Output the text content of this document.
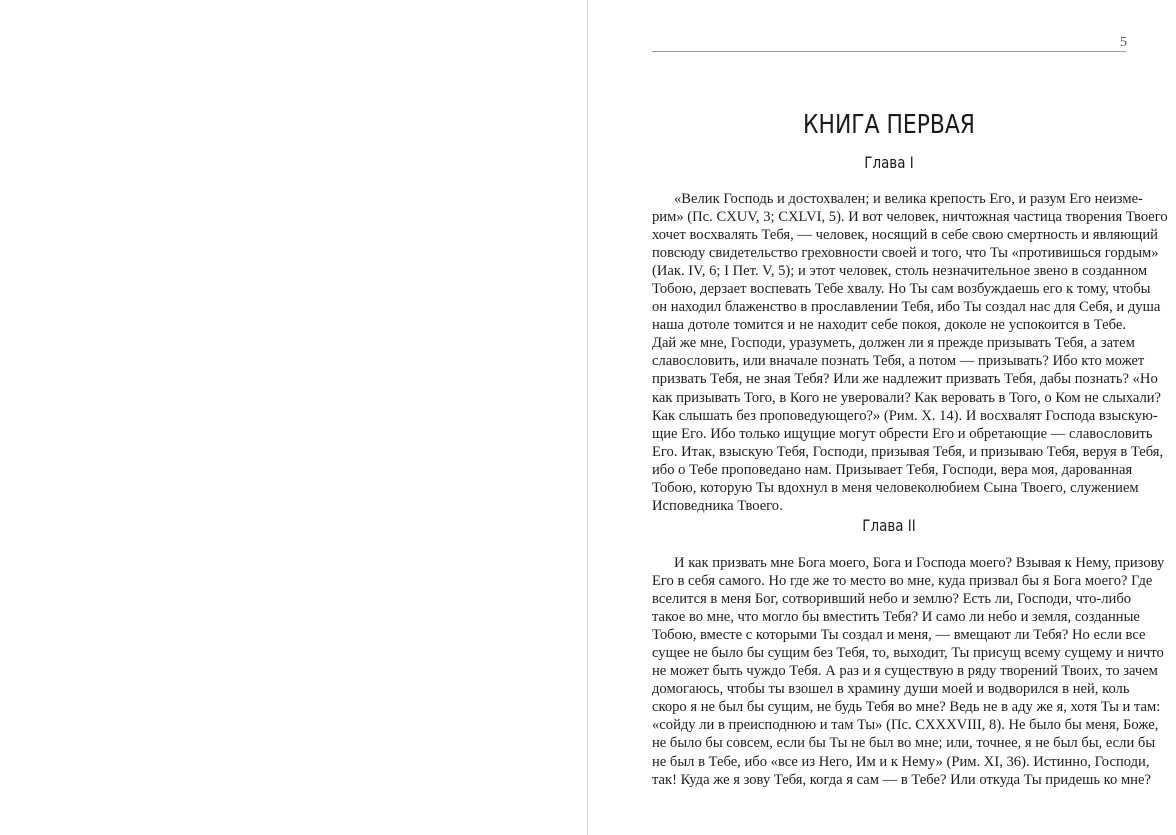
5
КНИГА ПЕРВАЯ
Глава I
«Велик Господь и достохвален; и велика крепость Его, и разум Его неизме-
рим» (Пс. CXUV, 3; CXLVI, 5). И вот человек, ничтожная частица творения Твоего
хочет восхвалять Тебя, — человек, носящий в себе свою смертность и являющий
повсюду свидетельство греховности своей и того, что Ты «противишься гордым»
(Иак. IV, 6; I Пет. V, 5); и этот человек, столь незначительное звено в созданном
Тобою, дерзает воспевать Тебе хвалу. Но Ты сам возбуждаешь его к тому, чтобы
он находил блаженство в прославлении Тебя, ибо Ты создал нас для Себя, и душа
наша дотоле томится и не находит себе покоя, доколе не успокоится в Тебе.
Дай же мне, Господи, уразуметь, должен ли я прежде призывать Тебя, а затем
славословить, или вначале познать Тебя, а потом — призывать? Ибо кто может
призвать Тебя, не зная Тебя? Или же надлежит призвать Тебя, дабы познать? «Но
как призывать Того, в Кого не уверовали? Как веровать в Того, о Ком не слыхали?
Как слышать без проповедующего?» (Рим. X. 14). И восхвалят Господа взыскую-
щие Его. Ибо только ищущие могут обрести Его и обретающие — славословить
Его. Итак, взыскую Тебя, Господи, призывая Тебя, и призываю Тебя, веруя в Тебя,
ибо о Тебе проповедано нам. Призывает Тебя, Господи, вера моя, дарованная
Тобою, которую Ты вдохнул в меня человеколюбием Сына Твоего, служением
Исповедника Твоего.
Глава II
И как призвать мне Бога моего, Бога и Господа моего? Взывая к Нему, призову
Его в себя самого. Но где же то место во мне, куда призвал бы я Бога моего? Где
вселится в меня Бог, сотворивший небо и землю? Есть ли, Господи, что-либо
такое во мне, что могло бы вместить Тебя? И само ли небо и земля, созданные
Тобою, вместе с которыми Ты создал и меня, — вмещают ли Тебя? Но если все
сущее не было бы сущим без Тебя, то, выходит, Ты присущ всему сущему и ничто
не может быть чуждо Тебя. А раз и я существую в ряду творений Твоих, то зачем
домогаюсь, чтобы ты взошел в храмину души моей и водворился в ней, коль
скоро я не был бы сущим, не будь Тебя во мне? Ведь не в аду же я, хотя Ты и там:
«сойду ли в преисподнюю и там Ты» (Пс. CXXXVIII, 8). Не было бы меня, Боже,
не было бы совсем, если бы Ты не был во мне; или, точнее, я не был бы, если бы
не был в Тебе, ибо «все из Него, Им и к Нему» (Рим. XI, 36). Истинно, Господи,
так! Куда же я зову Тебя, когда я сам — в Тебе? Или откуда Ты придешь ко мне?
